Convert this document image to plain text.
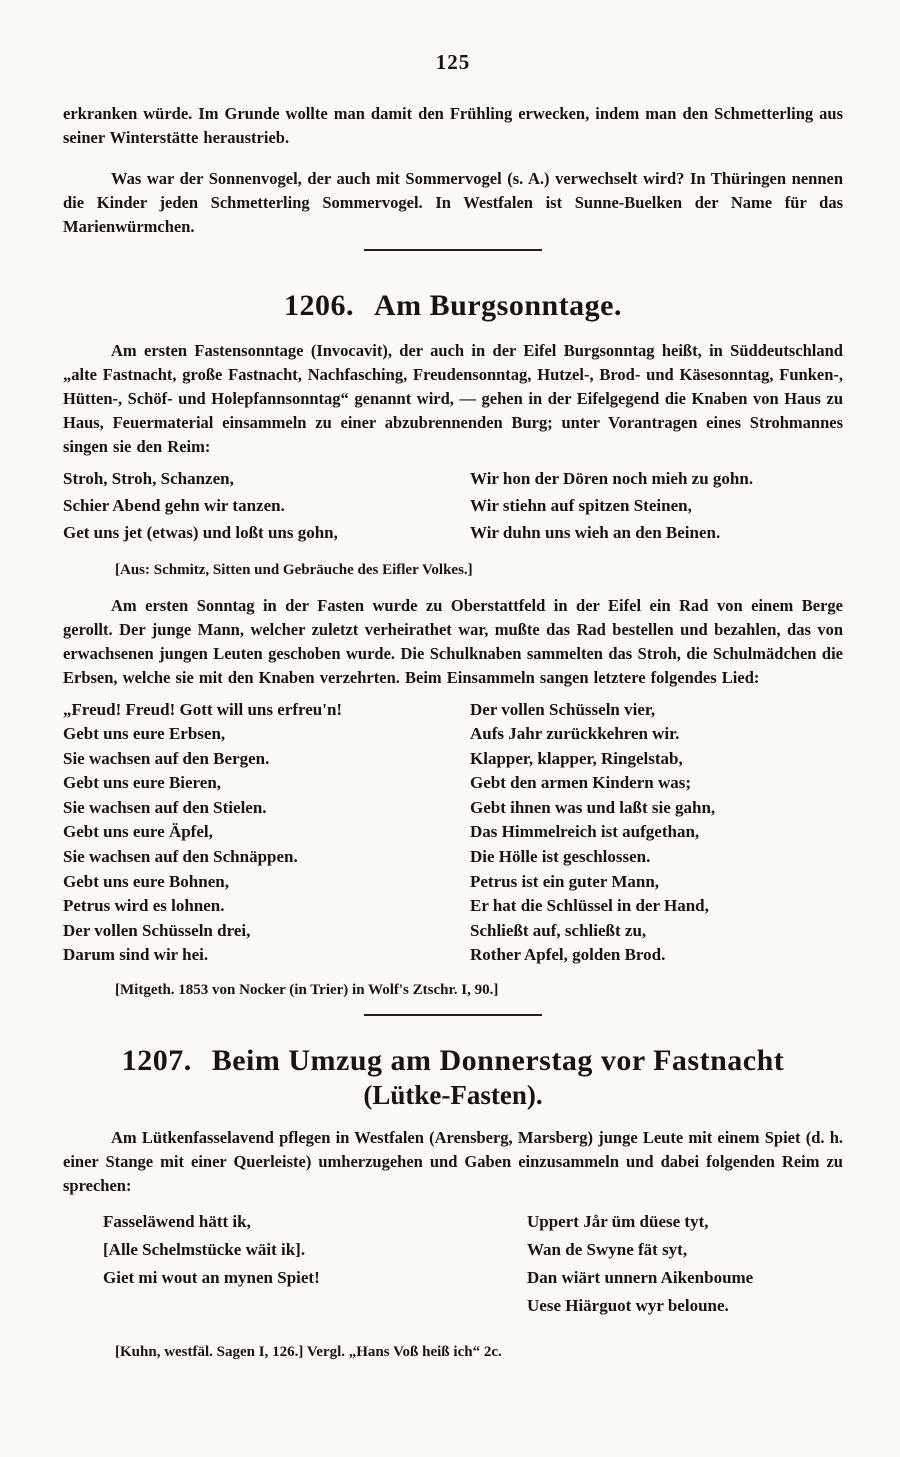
125

erkranken würde. Im Grunde wollte man damit den Frühling erwecken, indem man den Schmetterling aus seiner Winterstätte heraustrieb.

Was war der Sonnenvogel, der auch mit Sommervogel (s. A.) verwechselt wird? In Thüringen nennen die Kinder jeden Schmetterling Sommervogel. In Westfalen ist Sunne-Buelken der Name für das Marienwürmchen.

1206. Am Burgsonntage.

Am ersten Fastensonntage (Invocavit), der auch in der Eifel Burgsonntag heißt, in Süddeutschland „alte Fastnacht, große Fastnacht, Nachfasching, Freudensonntag, Hutzel-, Brod- und Käsesonntag, Funken-, Hütten-, Schöf- und Holepfannsonntag“ genannt wird, — gehen in der Eifelgegend die Knaben von Haus zu Haus, Feuermaterial einsammeln zu einer abzubrennenden Burg; unter Vorantragen eines Strohmannes singen sie den Reim:

Stroh, Stroh, Schanzen,
Schier Abend gehn wir tanzen.
Get uns jet (etwas) und loßt uns gohn,
Wir hon der Dören noch mieh zu gohn.
Wir stiehn auf spitzen Steinen,
Wir duhn uns wieh an den Beinen.
[Aus: Schmitz, Sitten und Gebräuche des Eifler Volkes.]

Am ersten Sonntag in der Fasten wurde zu Oberstattfeld in der Eifel ein Rad von einem Berge gerollt. Der junge Mann, welcher zuletzt verheirathet war, mußte das Rad bestellen und bezahlen, das von erwachsenen jungen Leuten geschoben wurde. Die Schulknaben sammelten das Stroh, die Schulmädchen die Erbsen, welche sie mit den Knaben verzehrten. Beim Einsammeln sangen letztere folgendes Lied:

„Freud! Freud! Gott will uns erfreu'n!
Gebt uns eure Erbsen,
Sie wachsen auf den Bergen.
Gebt uns eure Bieren,
Sie wachsen auf den Stielen.
Gebt uns eure Äpfel,
Sie wachsen auf den Schnäppen.
Gebt uns eure Bohnen,
Petrus wird es lohnen.
Der vollen Schüsseln drei,
Darum sind wir hei.
Der vollen Schüsseln vier,
Aufs Jahr zurückkehren wir.
Klapper, klapper, Ringelstab,
Gebt den armen Kindern was;
Gebt ihnen was und laßt sie gahn,
Das Himmelreich ist aufgethan,
Die Hölle ist geschlossen.
Petrus ist ein guter Mann,
Er hat die Schlüssel in der Hand,
Schließt auf, schließt zu,
Rother Apfel, golden Brod.
[Mitgeth. 1853 von Nocker (in Trier) in Wolf's Ztschr. I, 90.]
1207. Beim Umzug am Donnerstag vor Fastnacht
(Lütke-Fasten).

Am Lütkenfasselavend pflegen in Westfalen (Arensberg, Marsberg) junge Leute mit einem Spiet (d. h. einer Stange mit einer Querleiste) umherzugehen und Gaben einzusammeln und dabei folgenden Reim zu sprechen:

Fasseläwend hätt ik,
[Alle Schelmstücke wäit ik].
Giet mi wout an mynen Spiet!
Uppert Jår üm düese tyt,
Wan de Swyne fät syt,
Dan wiärt unnern Aikenboume
Uese Hiärguot wyr beloune.
[Kuhn, westfäl. Sagen I, 126.] Vergl. „Hans Voß heiß ich“ 2c.
